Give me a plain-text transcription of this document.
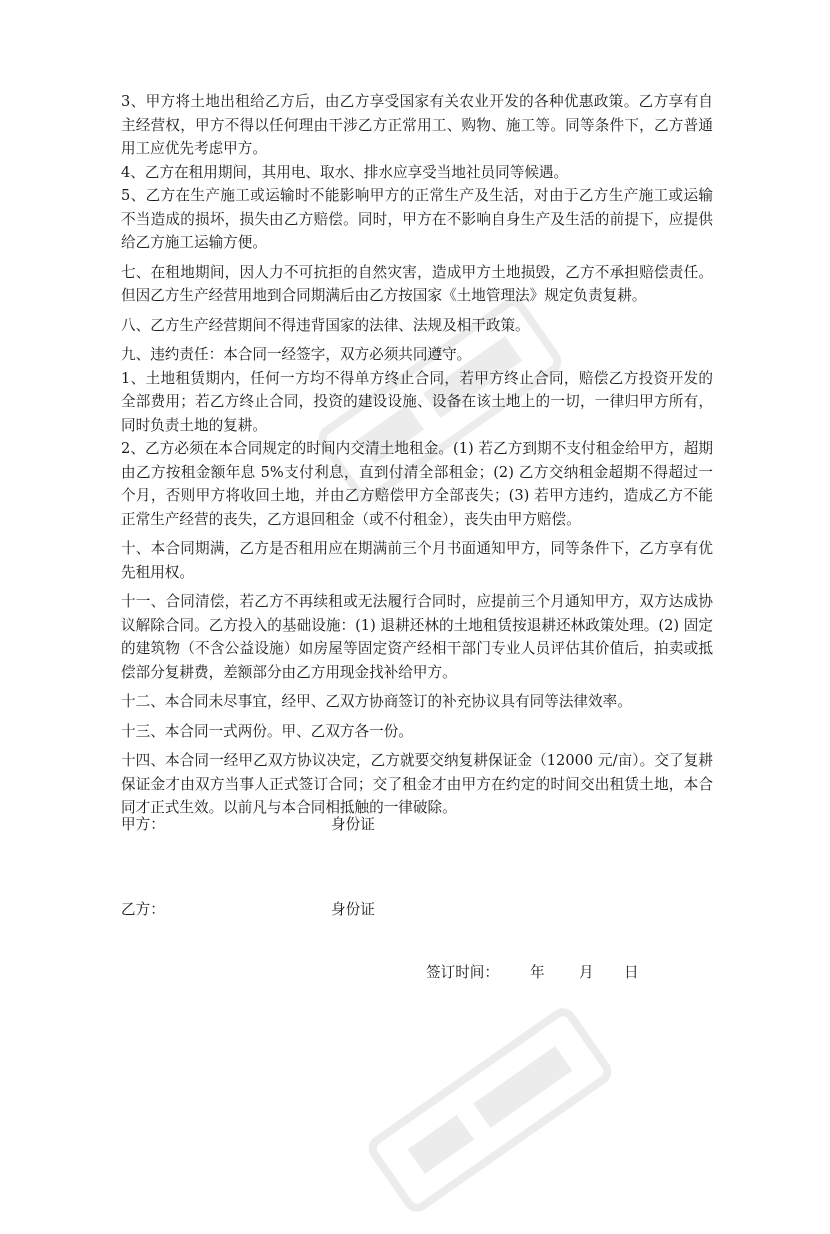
3、甲方将土地出租给乙方后，由乙方享受国家有关农业开发的各种优惠政策。乙方享有自主经营权，甲方不得以任何理由干涉乙方正常用工、购物、施工等。同等条件下，乙方普通用工应优先考虑甲方。

4、乙方在租用期间，其用电、取水、排水应享受当地社员同等候遇。

5、乙方在生产施工或运输时不能影响甲方的正常生产及生活，对由于乙方生产施工或运输不当造成的损坏，损失由乙方赔偿。同时，甲方在不影响自身生产及生活的前提下，应提供给乙方施工运输方便。

七、在租地期间，因人力不可抗拒的自然灾害，造成甲方土地损毁，乙方不承担赔偿责任。但因乙方生产经营用地到合同期满后由乙方按国家《土地管理法》规定负责复耕。

八、乙方生产经营期间不得违背国家的法律、法规及相干政策。

九、违约责任：本合同一经签字，双方必须共同遵守。

1、土地租赁期内，任何一方均不得单方终止合同，若甲方终止合同，赔偿乙方投资开发的全部费用；若乙方终止合同，投资的建设设施、设备在该土地上的一切，一律归甲方所有，同时负责土地的复耕。

2、乙方必须在本合同规定的时间内交清土地租金。(1) 若乙方到期不支付租金给甲方，超期由乙方按租金额年息 5%支付利息，直到付清全部租金；(2) 乙方交纳租金超期不得超过一个月，否则甲方将收回土地，并由乙方赔偿甲方全部丧失；(3) 若甲方违约，造成乙方不能正常生产经营的丧失，乙方退回租金（或不付租金），丧失由甲方赔偿。

十、本合同期满，乙方是否租用应在期满前三个月书面通知甲方，同等条件下，乙方享有优先租用权。

十一、合同清偿，若乙方不再续租或无法履行合同时，应提前三个月通知甲方，双方达成协议解除合同。乙方投入的基础设施：(1) 退耕还林的土地租赁按退耕还林政策处理。(2) 固定的建筑物（不含公益设施）如房屋等固定资产经相干部门专业人员评估其价值后，拍卖或抵偿部分复耕费，差额部分由乙方用现金找补给甲方。

十二、本合同未尽事宜，经甲、乙双方协商签订的补充协议具有同等法律效率。

十三、本合同一式两份。甲、乙双方各一份。

十四、本合同一经甲乙双方协议决定，乙方就要交纳复耕保证金（12000 元/亩）。交了复耕保证金才由双方当事人正式签订合同；交了租金才由甲方在约定的时间交出租赁土地，本合同才正式生效。以前凡与本合同相抵触的一律破除。

甲方：	身份证
乙方：	身份证
签订时间： 年 月 日
